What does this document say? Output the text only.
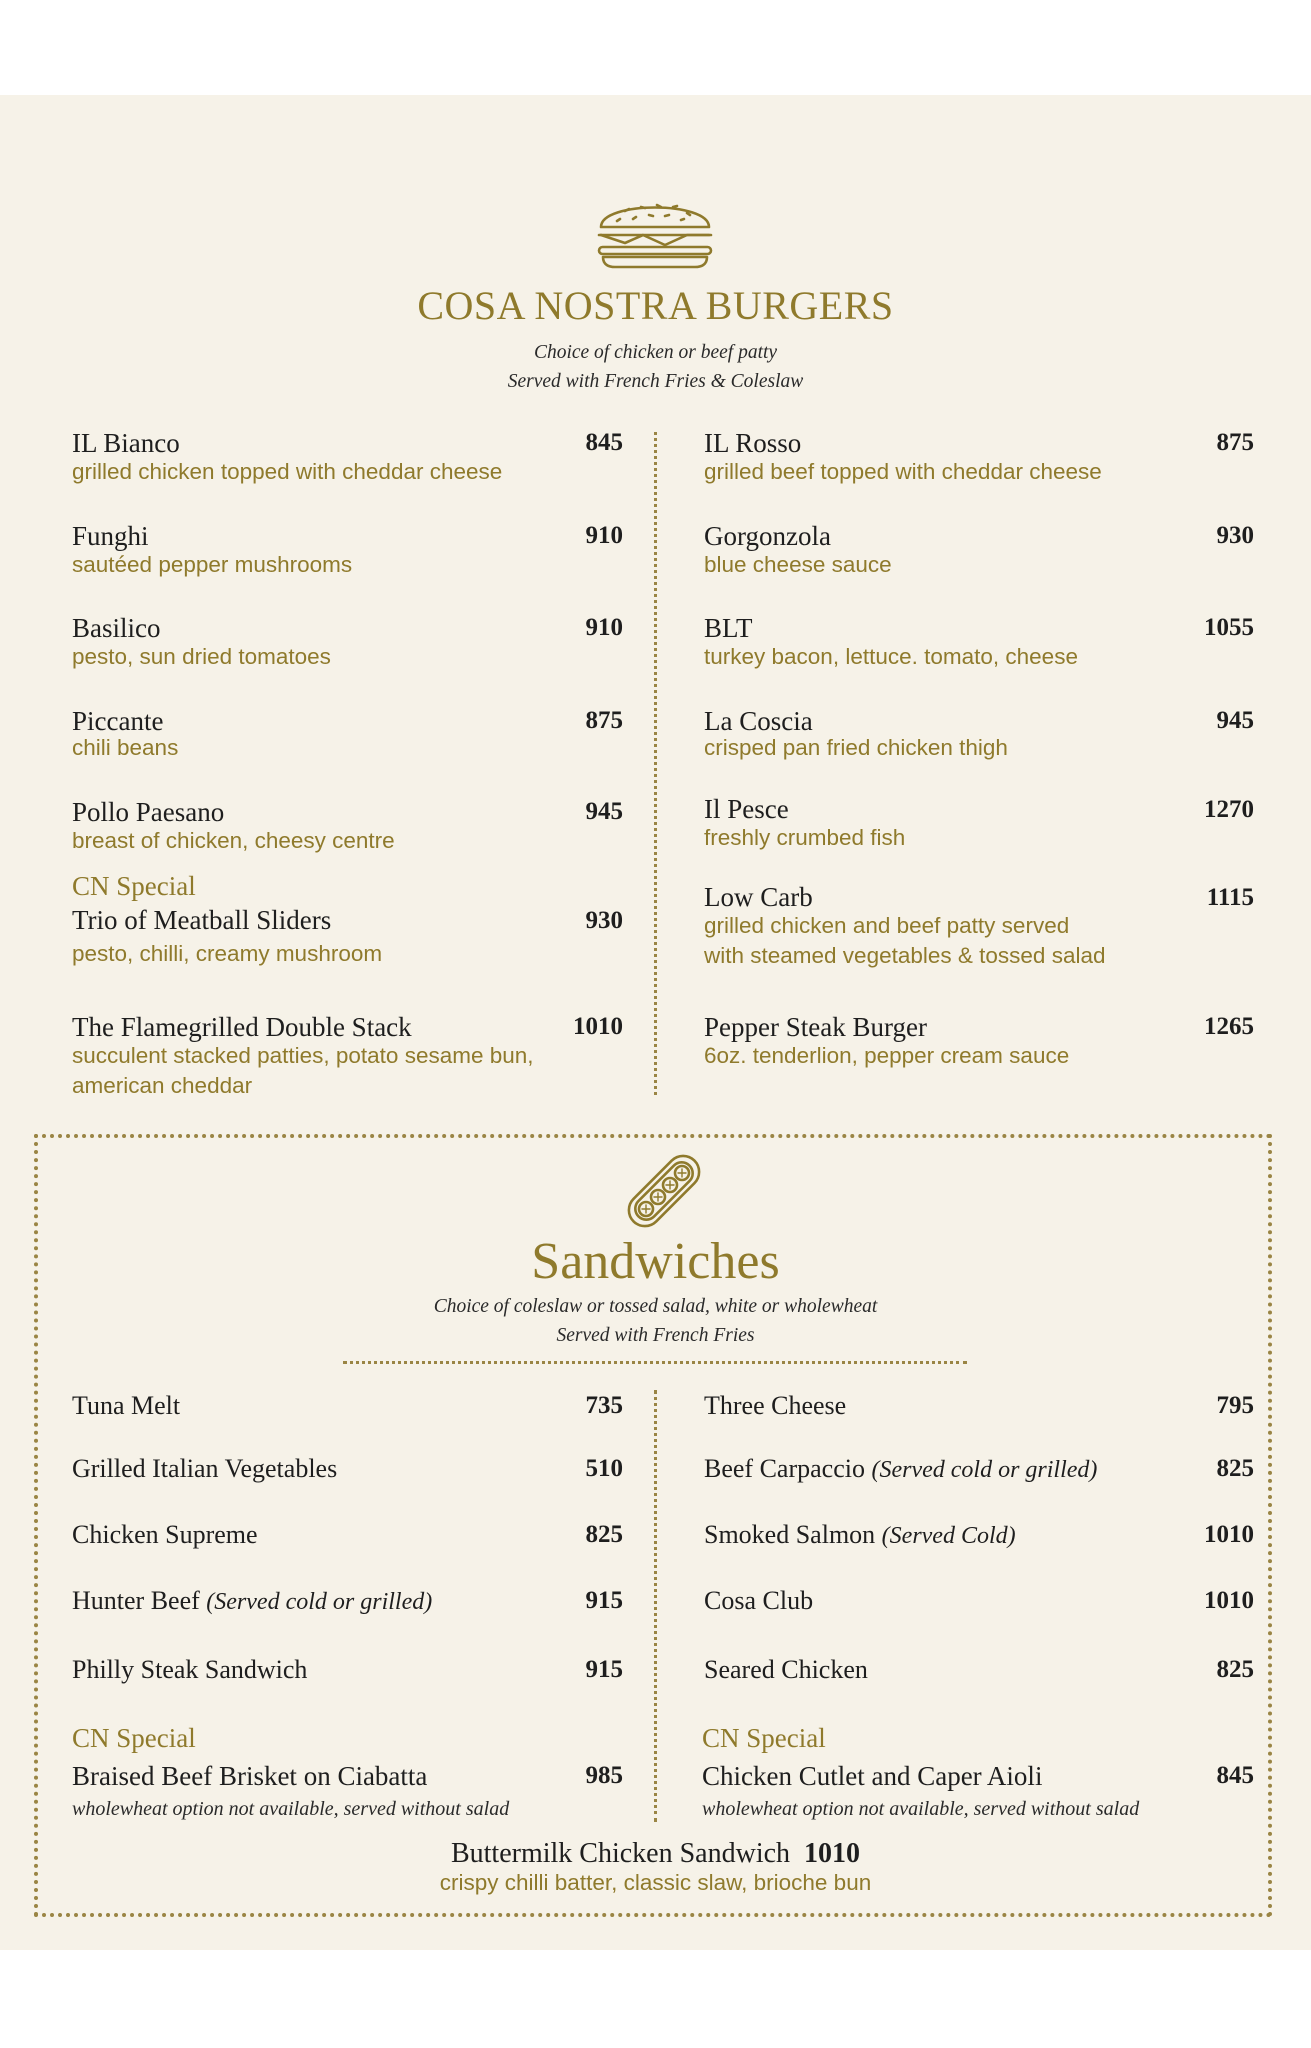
COSA NOSTRA BURGERS
Choice of chicken or beef patty
Served with French Fries & Coleslaw
IL Bianco	845
grilled chicken topped with cheddar cheese
Funghi	910
sautéed pepper mushrooms
Basilico	910
pesto, sun dried tomatoes
Piccante	875
chili beans
Pollo Paesano	945
breast of chicken, cheesy centre
CN Special
Trio of Meatball Sliders	930
pesto, chilli, creamy mushroom
The Flamegrilled Double Stack	1010
succulent stacked patties, potato sesame bun,
american cheddar
IL Rosso	875
grilled beef topped with cheddar cheese
Gorgonzola	930
blue cheese sauce
BLT	1055
turkey bacon, lettuce. tomato, cheese
La Coscia	945
crisped pan fried chicken thigh
Il Pesce	1270
freshly crumbed fish
Low Carb	1115
grilled chicken and beef patty served
with steamed vegetables & tossed salad
Pepper Steak Burger	1265
6oz. tenderlion, pepper cream sauce
Sandwiches
Choice of coleslaw or tossed salad, white or wholewheat
Served with French Fries
Tuna Melt	735
Grilled Italian Vegetables	510
Chicken Supreme	825
Hunter Beef (Served cold or grilled)	915
Philly Steak Sandwich	915
CN Special
Braised Beef Brisket on Ciabatta	985
wholewheat option not available, served without salad
Three Cheese	795
Beef Carpaccio (Served cold or grilled)	825
Smoked Salmon (Served Cold)	1010
Cosa Club	1010
Seared Chicken	825
CN Special
Chicken Cutlet and Caper Aioli	845
wholewheat option not available, served without salad
Buttermilk Chicken Sandwich 1010
crispy chilli batter, classic slaw, brioche bun
